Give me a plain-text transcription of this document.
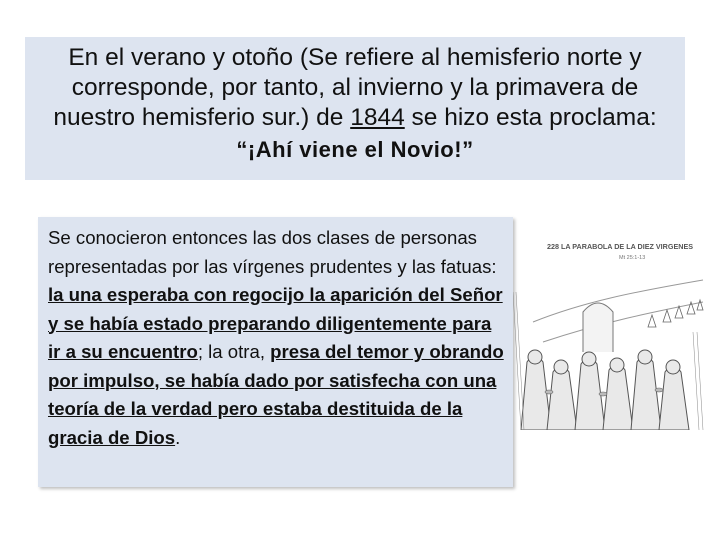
En el verano y otoño (Se refiere al hemisferio norte y corresponde, por tanto, al invierno y la primavera de nuestro hemisferio sur.) de 1844 se hizo esta proclama:

“¡Ahí viene el Novio!”

Se conocieron entonces las dos clases de personas representadas por las vírgenes prudentes y las fatuas: la una esperaba con regocijo la aparición del Señor y se había estado preparando diligentemente para ir a su encuentro; la otra, presa del temor y obrando por impulso, se había dado por satisfecha con una teoría de la verdad pero estaba destituida de la gracia de Dios.

228 LA PARABOLA DE LA DIEZ VIRGENES
Mt 25:1-13
